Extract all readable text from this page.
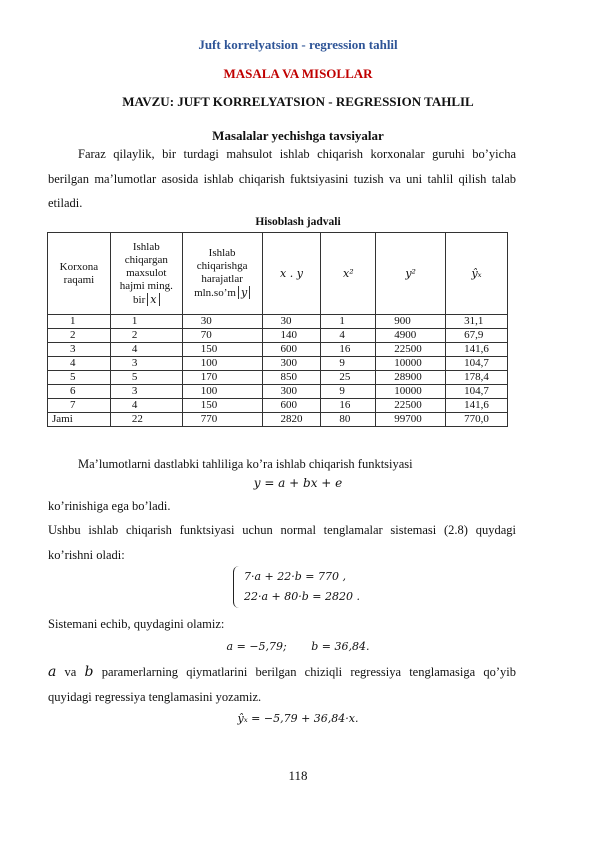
Juft korrelyatsion - regression tahlil
MASALA VA MISOLLAR
MAVZU: JUFT KORRELYATSION - REGRESSION TAHLIL
Masalalar yechishga tavsiyalar
Faraz qilaylik, bir turdagi mahsulot ishlab chiqarish korxonalar guruhi bo’yicha berilgan ma’lumotlar asosida ishlab chiqarish fuktsiyasini tuzish va uni tahlil qilish talab etiladi.
Hisoblash jadvali
Korxona raqami	Ishlab chiqargan maxsulot hajmi ming. bir x	Ishlab chiqarishga harajatlar mln.so’m y	x . y	x²	y²	ŷₓ
1	1	30	30	1	900	31,1
2	2	70	140	4	4900	67,9
3	4	150	600	16	22500	141,6
4	3	100	300	9	10000	104,7
5	5	170	850	25	28900	178,4
6	3	100	300	9	10000	104,7
7	4	150	600	16	22500	141,6
Jami	22	770	2820	80	99700	770,0
Ma’lumotlarni dastlabki tahliliga ko’ra ishlab chiqarish funktsiyasi
y = a + bx + e
ko’rinishiga ega bo’ladi.
Ushbu ishlab chiqarish funktsiyasi uchun normal tenglamalar sistemasi (2.8) quydagi ko’rishni oladi:
7·a + 22·b = 770 ,
22·a + 80·b = 2820 .
Sistemani echib, quydagini olamiz:
a = −5,79;       b = 36,84.
a va b paramerlarning qiymatlarini berilgan chiziqli regressiya tenglamasiga qo’yib quyidagi regressiya tenglamasini yozamiz.
ŷₓ = −5,79 + 36,84·x.
118
